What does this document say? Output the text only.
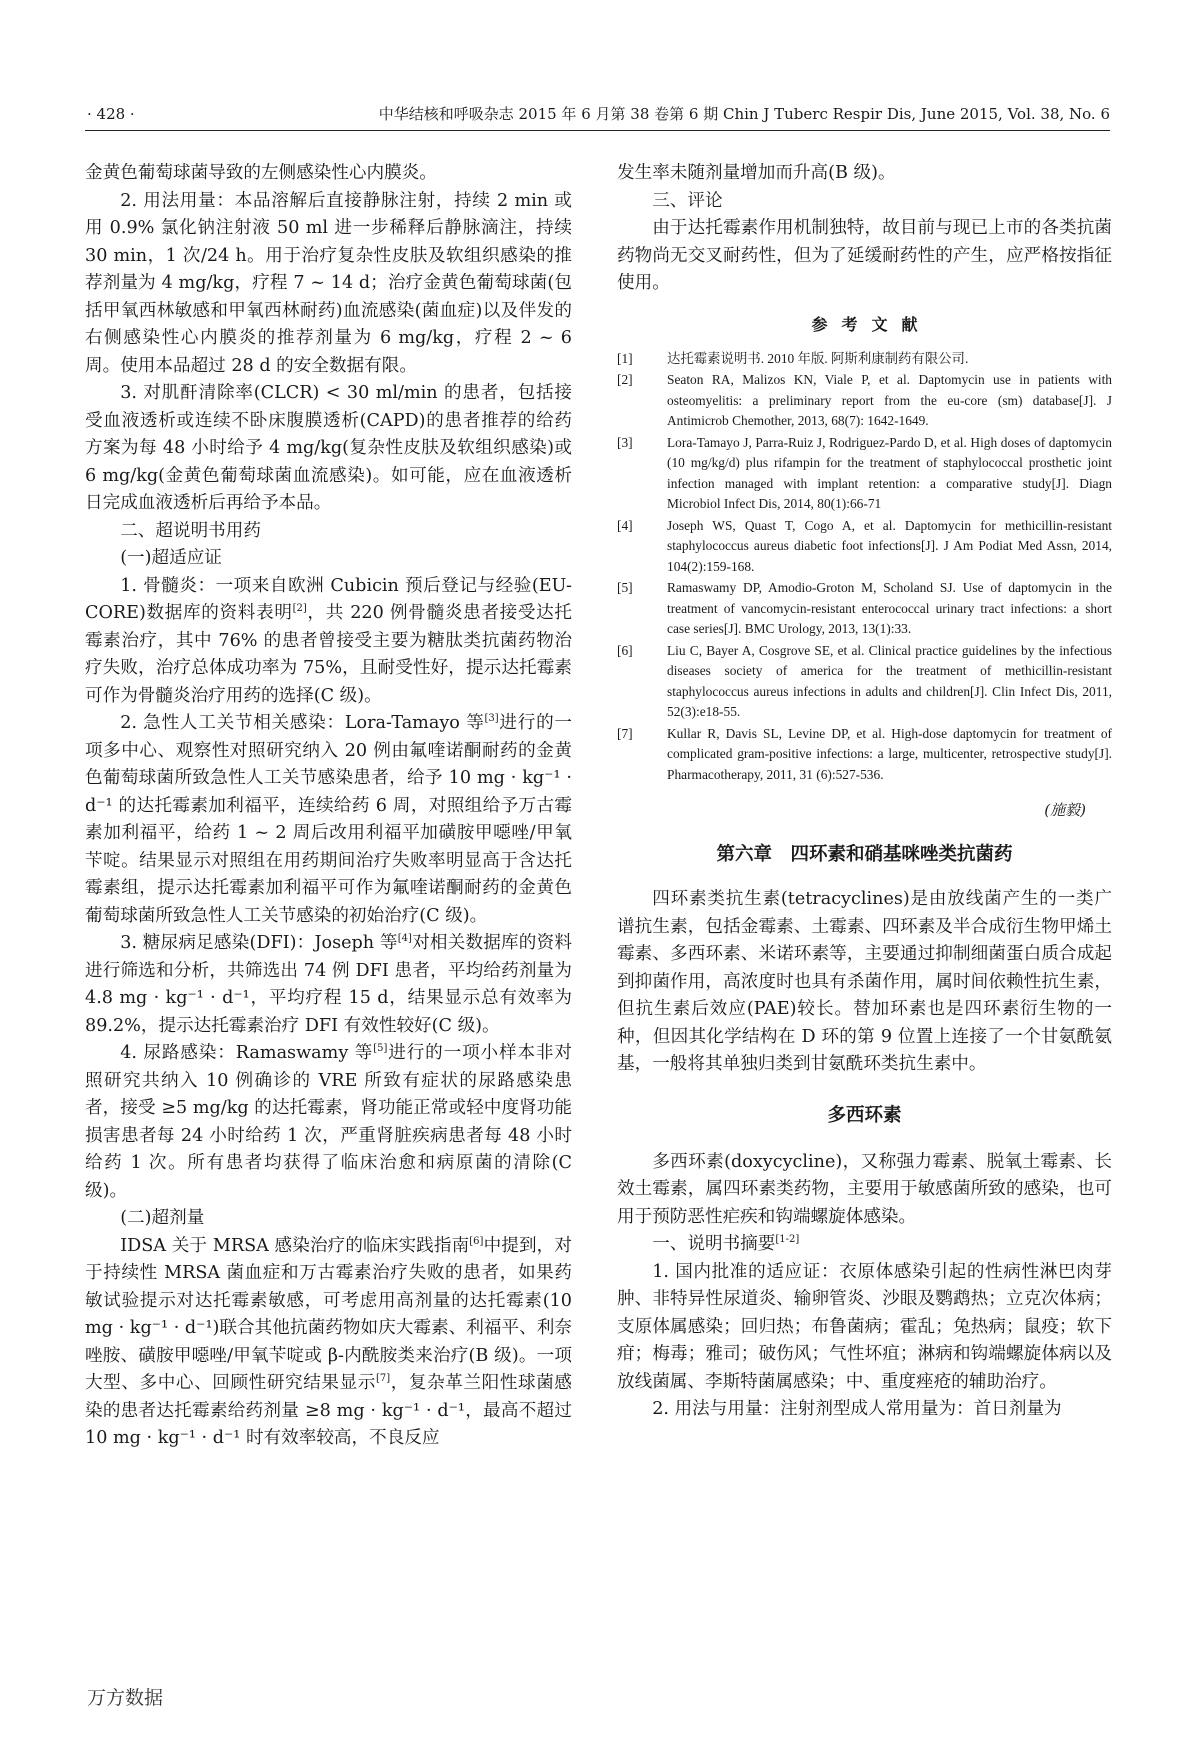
· 428 ·	中华结核和呼吸杂志 2015 年 6 月第 38 卷第 6 期 Chin J Tuberc Respir Dis, June 2015, Vol. 38, No. 6

金黄色葡萄球菌导致的左侧感染性心内膜炎。

2. 用法用量：本品溶解后直接静脉注射，持续 2 min 或用 0.9% 氯化钠注射液 50 ml 进一步稀释后静脉滴注，持续 30 min，1 次/24 h。用于治疗复杂性皮肤及软组织感染的推荐剂量为 4 mg/kg，疗程 7 ~ 14 d；治疗金黄色葡萄球菌(包括甲氧西林敏感和甲氧西林耐药)血流感染(菌血症)以及伴发的右侧感染性心内膜炎的推荐剂量为 6 mg/kg，疗程 2 ~ 6 周。使用本品超过 28 d 的安全数据有限。

3. 对肌酐清除率(CLCR) < 30 ml/min 的患者，包括接受血液透析或连续不卧床腹膜透析(CAPD)的患者推荐的给药方案为每 48 小时给予 4 mg/kg(复杂性皮肤及软组织感染)或 6 mg/kg(金黄色葡萄球菌血流感染)。如可能，应在血液透析日完成血液透析后再给予本品。

二、超说明书用药

(一)超适应证

1. 骨髓炎：一项来自欧洲 Cubicin 预后登记与经验(EU-CORE)数据库的资料表明[2]，共 220 例骨髓炎患者接受达托霉素治疗，其中 76% 的患者曾接受主要为糖肽类抗菌药物治疗失败，治疗总体成功率为 75%，且耐受性好，提示达托霉素可作为骨髓炎治疗用药的选择(C 级)。

2. 急性人工关节相关感染：Lora-Tamayo 等[3]进行的一项多中心、观察性对照研究纳入 20 例由氟喹诺酮耐药的金黄色葡萄球菌所致急性人工关节感染患者，给予 10 mg · kg⁻¹ · d⁻¹ 的达托霉素加利福平，连续给药 6 周，对照组给予万古霉素加利福平，给药 1 ~ 2 周后改用利福平加磺胺甲噁唑/甲氧苄啶。结果显示对照组在用药期间治疗失败率明显高于含达托霉素组，提示达托霉素加利福平可作为氟喹诺酮耐药的金黄色葡萄球菌所致急性人工关节感染的初始治疗(C 级)。

3. 糖尿病足感染(DFI)：Joseph 等[4]对相关数据库的资料进行筛选和分析，共筛选出 74 例 DFI 患者，平均给药剂量为 4.8 mg · kg⁻¹ · d⁻¹，平均疗程 15 d，结果显示总有效率为 89.2%，提示达托霉素治疗 DFI 有效性较好(C 级)。

4. 尿路感染：Ramaswamy 等[5]进行的一项小样本非对照研究共纳入 10 例确诊的 VRE 所致有症状的尿路感染患者，接受 ≥5 mg/kg 的达托霉素，肾功能正常或轻中度肾功能损害患者每 24 小时给药 1 次，严重肾脏疾病患者每 48 小时给药 1 次。所有患者均获得了临床治愈和病原菌的清除(C 级)。

(二)超剂量

IDSA 关于 MRSA 感染治疗的临床实践指南[6]中提到，对于持续性 MRSA 菌血症和万古霉素治疗失败的患者，如果药敏试验提示对达托霉素敏感，可考虑用高剂量的达托霉素(10 mg · kg⁻¹ · d⁻¹)联合其他抗菌药物如庆大霉素、利福平、利奈唑胺、磺胺甲噁唑/甲氧苄啶或 β-内酰胺类来治疗(B 级)。一项大型、多中心、回顾性研究结果显示[7]，复杂革兰阳性球菌感染的患者达托霉素给药剂量 ≥8 mg · kg⁻¹ · d⁻¹，最高不超过 10 mg · kg⁻¹ · d⁻¹ 时有效率较高，不良反应

发生率未随剂量增加而升高(B 级)。

三、评论

由于达托霉素作用机制独特，故目前与现已上市的各类抗菌药物尚无交叉耐药性，但为了延缓耐药性的产生，应严格按指征使用。

参考文献
[1]	达托霉素说明书. 2010 年版. 阿斯利康制药有限公司.
[2]	Seaton RA, Malizos KN, Viale P, et al. Daptomycin use in patients with osteomyelitis: a preliminary report from the eu-core (sm) database[J]. J Antimicrob Chemother, 2013, 68(7): 1642-1649.
[3]	Lora-Tamayo J, Parra-Ruiz J, Rodriguez-Pardo D, et al. High doses of daptomycin (10 mg/kg/d) plus rifampin for the treatment of staphylococcal prosthetic joint infection managed with implant retention: a comparative study[J]. Diagn Microbiol Infect Dis, 2014, 80(1):66-71
[4]	Joseph WS, Quast T, Cogo A, et al. Daptomycin for methicillin-resistant staphylococcus aureus diabetic foot infections[J]. J Am Podiat Med Assn, 2014, 104(2):159-168.
[5]	Ramaswamy DP, Amodio-Groton M, Scholand SJ. Use of daptomycin in the treatment of vancomycin-resistant enterococcal urinary tract infections: a short case series[J]. BMC Urology, 2013, 13(1):33.
[6]	Liu C, Bayer A, Cosgrove SE, et al. Clinical practice guidelines by the infectious diseases society of america for the treatment of methicillin-resistant staphylococcus aureus infections in adults and children[J]. Clin Infect Dis, 2011, 52(3):e18-55.
[7]	Kullar R, Davis SL, Levine DP, et al. High-dose daptomycin for treatment of complicated gram-positive infections: a large, multicenter, retrospective study[J]. Pharmacotherapy, 2011, 31 (6):527-536.
(施毅)
第六章　四环素和硝基咪唑类抗菌药

四环素类抗生素(tetracyclines)是由放线菌产生的一类广谱抗生素，包括金霉素、土霉素、四环素及半合成衍生物甲烯土霉素、多西环素、米诺环素等，主要通过抑制细菌蛋白质合成起到抑菌作用，高浓度时也具有杀菌作用，属时间依赖性抗生素，但抗生素后效应(PAE)较长。替加环素也是四环素衍生物的一种，但因其化学结构在 D 环的第 9 位置上连接了一个甘氨酰氨基，一般将其单独归类到甘氨酰环类抗生素中。

多西环素

多西环素(doxycycline)，又称强力霉素、脱氧土霉素、长效土霉素，属四环素类药物，主要用于敏感菌所致的感染，也可用于预防恶性疟疾和钩端螺旋体感染。

一、说明书摘要[1-2]

1. 国内批准的适应证：衣原体感染引起的性病性淋巴肉芽肿、非特异性尿道炎、输卵管炎、沙眼及鹦鹉热；立克次体病；支原体属感染；回归热；布鲁菌病；霍乱；兔热病；鼠疫；软下疳；梅毒；雅司；破伤风；气性坏疽；淋病和钩端螺旋体病以及放线菌属、李斯特菌属感染；中、重度痤疮的辅助治疗。

2. 用法与用量：注射剂型成人常用量为：首日剂量为

万方数据
